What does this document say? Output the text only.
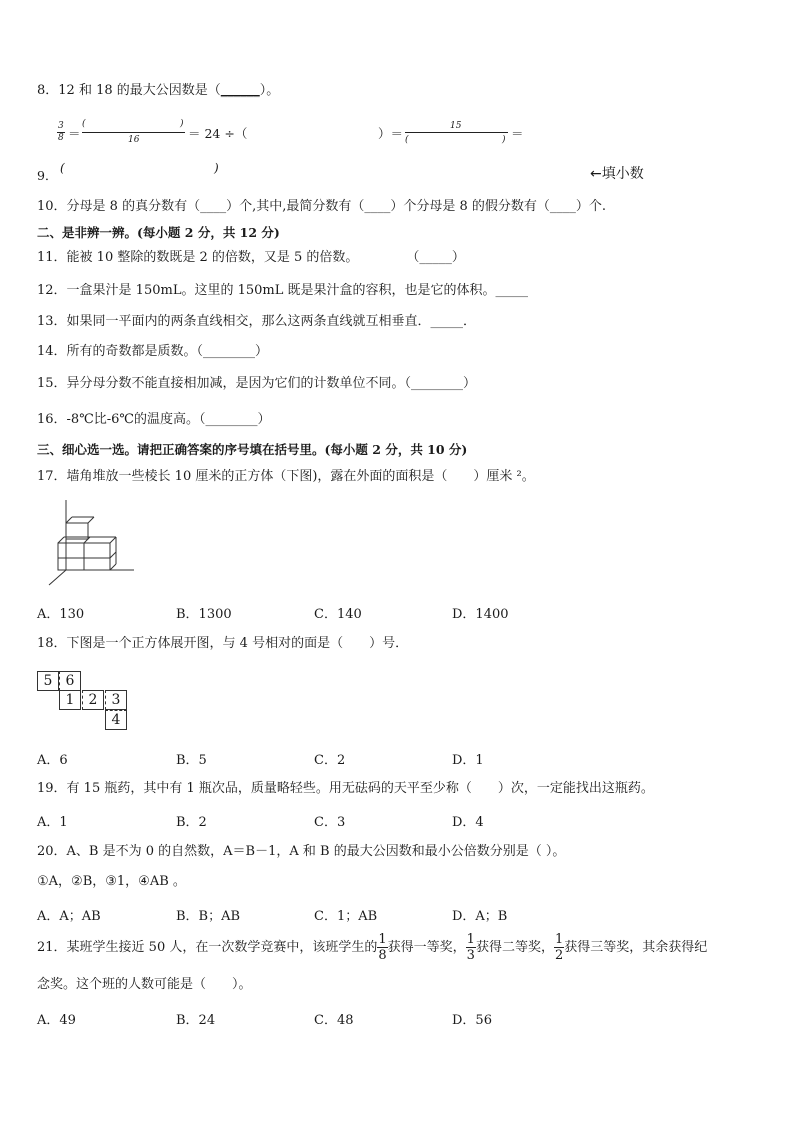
8．12 和 18 的最大公因数是（______）。
3
8 ＝
(	)
16	＝ 24 ÷（	）＝	15
(	) ＝
9． (	)	←填小数
10．分母是 8 的真分数有（____）个,其中,最简分数有（____）个分母是 8 的假分数有（____）个.
二、是非辨一辨。(每小题 2 分，共 12 分)
11．能被 10 整除的数既是 2 的倍数，又是 5 的倍数。	（_____）
12．一盒果汁是 150mL。这里的 150mL 既是果汁盒的容积，也是它的体积。_____
13．如果同一平面内的两条直线相交，那么这两条直线就互相垂直．_____．
14．所有的奇数都是质数。（________）
15．异分母分数不能直接相加减，是因为它们的计数单位不同。（________）
16．-8℃比-6℃的温度高。（________）
三、细心选一选。请把正确答案的序号填在括号里。(每小题 2 分，共 10 分)
17．墙角堆放一些棱长 10 厘米的正方体（下图)，露在外面的面积是（　　）厘米 ²。
A．130	B．1300	C．140	D．1400
18．下图是一个正方体展开图，与 4 号相对的面是（　　）号．
5 6
1	2	3
4
A．6	B．5	C．2	D．1
19．有 15 瓶药，其中有 1 瓶次品，质量略轻些。用无砝码的天平至少称（　　）次，一定能找出这瓶药。
A．1	B．2	C．3	D．4
20．A、B 是不为 0 的自然数，A＝B－1，A 和 B 的最大公因数和最小公倍数分别是（ ）。
①A，②B，③1，④AB 。
A．A；AB	B．B；AB	C．1；AB	D．A；B
21．某班学生接近 50 人，在一次数学竞赛中，该班学生的 $\frac{1}{8}$ 获得一等奖， $\frac{1}{3}$ 获得二等奖， $\frac{1}{2}$ 获得三等奖，其余获得纪
念奖。这个班的人数可能是（　　）。
A．49	B．24	C．48	D．56
